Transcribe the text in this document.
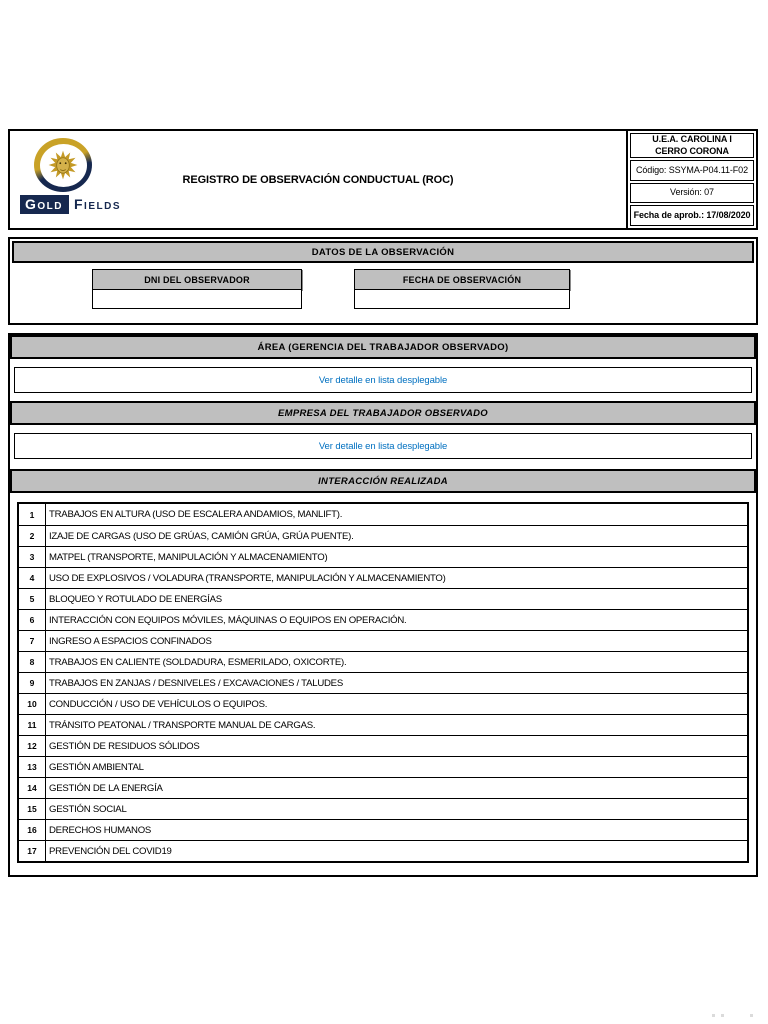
Gold Fields
REGISTRO DE OBSERVACIÓN CONDUCTUAL (ROC)
U.E.A. CAROLINA I
CERRO CORONA
Código: SSYMA-P04.11-F02
Versión: 07
Fecha de aprob.: 17/08/2020
DATOS DE LA OBSERVACIÓN
DNI DEL OBSERVADOR	FECHA DE OBSERVACIÓN
ÁREA (GERENCIA DEL TRABAJADOR OBSERVADO)
Ver detalle en lista desplegable
EMPRESA DEL TRABAJADOR OBSERVADO
Ver detalle en lista desplegable
INTERACCIÓN REALIZADA
1	TRABAJOS EN ALTURA (USO DE ESCALERA ANDAMIOS, MANLIFT).
2	IZAJE DE CARGAS (USO DE GRÚAS, CAMIÓN GRÚA, GRÚA PUENTE).
3	MATPEL (TRANSPORTE, MANIPULACIÓN Y ALMACENAMIENTO)
4	USO DE EXPLOSIVOS / VOLADURA (TRANSPORTE, MANIPULACIÓN Y ALMACENAMIENTO)
5	BLOQUEO Y ROTULADO DE ENERGÍAS
6	INTERACCIÓN CON EQUIPOS MÓVILES, MÁQUINAS O EQUIPOS EN OPERACIÓN.
7	INGRESO A ESPACIOS CONFINADOS
8	TRABAJOS EN CALIENTE (SOLDADURA, ESMERILADO, OXICORTE).
9	TRABAJOS EN ZANJAS / DESNIVELES / EXCAVACIONES / TALUDES
10	CONDUCCIÓN / USO DE VEHÍCULOS O EQUIPOS.
11	TRÁNSITO PEATONAL / TRANSPORTE MANUAL DE CARGAS.
12	GESTIÓN DE RESIDUOS SÓLIDOS
13	GESTIÓN AMBIENTAL
14	GESTIÓN DE LA ENERGÍA
15	GESTIÓN SOCIAL
16	DERECHOS HUMANOS
17	PREVENCIÓN DEL COVID19
